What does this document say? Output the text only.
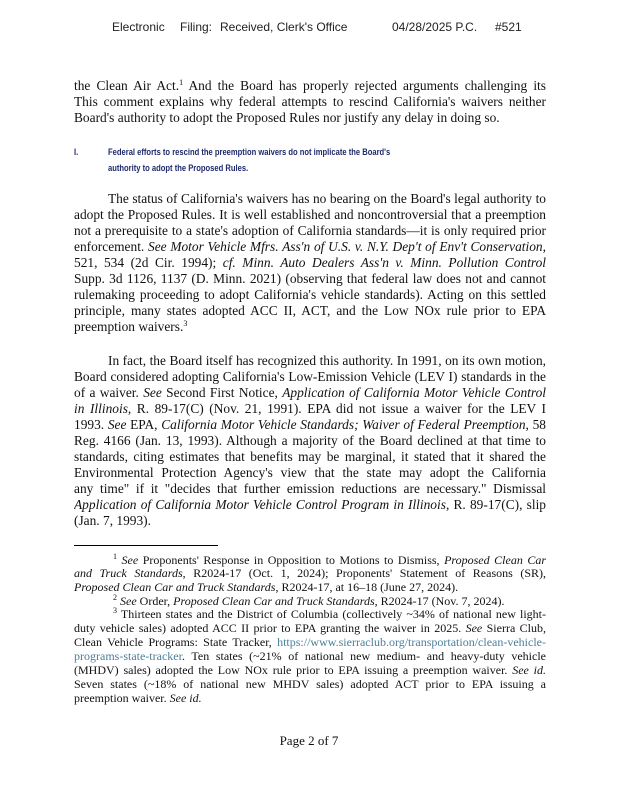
Electronic Filing: Received, Clerk's Office	04/28/2025 P.C. #521
the Clean Air Act.$^1$ And the Board has properly rejected arguments challenging its
This comment explains why federal attempts to rescind California's waivers neither
Board's authority to adopt the Proposed Rules nor justify any delay in doing so.
The status of California's waivers has no bearing on the Board's legal authority to
adopt the Proposed Rules. It is well established and noncontroversial that a preemption
not a prerequisite to a state's adoption of California standards—it is only required prior
enforcement. See Motor Vehicle Mfrs. Ass'n of U.S. v. N.Y. Dep't of Env't Conservation,
521, 534 (2d Cir. 1994); cf. Minn. Auto Dealers Ass'n v. Minn. Pollution Control
Supp. 3d 1126, 1137 (D. Minn. 2021) (observing that federal law does not and cannot
rulemaking proceeding to adopt California's vehicle standards). Acting on this settled
principle, many states adopted ACC II, ACT, and the Low NOx rule prior to EPA
preemption waivers.$^3$
In fact, the Board itself has recognized this authority. In 1991, on its own motion,
Board considered adopting California's Low-Emission Vehicle (LEV I) standards in the
of a waiver. See Second First Notice, Application of California Motor Vehicle Control
in Illinois, R. 89-17(C) (Nov. 21, 1991). EPA did not issue a waiver for the LEV I
1993. See EPA, California Motor Vehicle Standards; Waiver of Federal Preemption, 58
Reg. 4166 (Jan. 13, 1993). Although a majority of the Board declined at that time to
standards, citing estimates that benefits may be marginal, it stated that it shared the
Environmental Protection Agency's view that the state may adopt the California
any time" if it "decides that further emission reductions are necessary." Dismissal
Application of California Motor Vehicle Control Program in Illinois, R. 89-17(C), slip
(Jan. 7, 1993).
$^1$ See Proponents' Response in Opposition to Motions to Dismiss, Proposed Clean Car
and Truck Standards, R2024-17 (Oct. 1, 2024); Proponents' Statement of Reasons (SR),
Proposed Clean Car and Truck Standards, R2024-17, at 16–18 (June 27, 2024).
$^2$ See Order, Proposed Clean Car and Truck Standards, R2024-17 (Nov. 7, 2024).
$^3$ Thirteen states and the District of Columbia (collectively ~34% of national new light-
duty vehicle sales) adopted ACC II prior to EPA granting the waiver in 2025. See Sierra Club,
Clean Vehicle Programs: State Tracker, https://www.sierraclub.org/transportation/clean-vehicle-
programs-state-tracker. Ten states (~21% of national new medium- and heavy-duty vehicle
(MHDV) sales) adopted the Low NOx rule prior to EPA issuing a preemption waiver. See id.
Seven states (~18% of national new MHDV sales) adopted ACT prior to EPA issuing a
preemption waiver. See id.
I.	Federal efforts to rescind the preemption waivers do not implicate the Board's
authority to adopt the Proposed Rules.
Page 2 of 7
